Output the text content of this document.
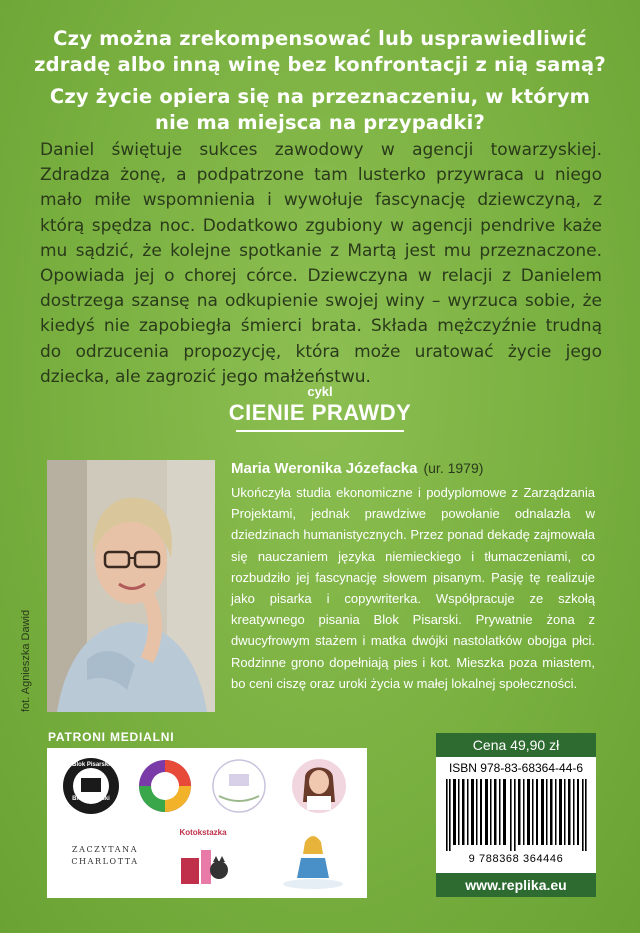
Czy można zrekompensować lub usprawiedliwić
zdradę albo inną winę bez konfrontacji z nią samą?
Czy życie opiera się na przeznaczeniu, w którym
nie ma miejsca na przypadki?
Daniel świętuje sukces zawodowy w agencji towarzyskiej. Zdradza żonę, a podpatrzone tam lusterko przywraca u niego mało miłe wspomnienia i wywołuje fascynację dziewczyną, z którą spędza noc. Dodatkowo zgubiony w agencji pendrive każe mu sądzić, że kolejne spotkanie z Martą jest mu przeznaczone. Opowiada jej o chorej córce. Dziewczyna w relacji z Danielem dostrzega szansę na odkupienie swojej winy – wyrzuca sobie, że kiedyś nie zapobiegła śmierci brata. Składa mężczyźnie trudną do odrzucenia propozycję, która może uratować życie jego dziecka, ale zagrozić jego małżeństwu.
cykl
CIENIE PRAWDY
fot. Agnieszka Dawid
Maria Weronika Józefacka (ur. 1979)
Ukończyła studia ekonomiczne i podyplomowe z Zarządzania Projektami, jednak prawdziwe powołanie odnalazła w dziedzinach humanistycznych. Przez ponad dekadę zajmowała się nauczaniem języka niemieckiego i tłumaczeniami, co rozbudziło jej fascynację słowem pisanym. Pasję tę realizuje jako pisarka i copywriterka. Współpracuje ze szkołą kreatywnego pisania Blok Pisarski. Prywatnie żona z dwucyfrowym stażem i matka dwójki nastolatków obojga płci. Rodzinne grono dopełniają pies i kot. Mieszka poza miastem, bo ceni ciszę oraz uroki życia w małej lokalnej społeczności.
PATRONI MEDIALNI
Blok Pisarski
Blok Pisarski
ZACZYTANA
CHARLOTTA
Kotokstazka
Cena 49,90 zł
ISBN 978-83-68364-44-6
9 788368 364446
www.replika.eu
